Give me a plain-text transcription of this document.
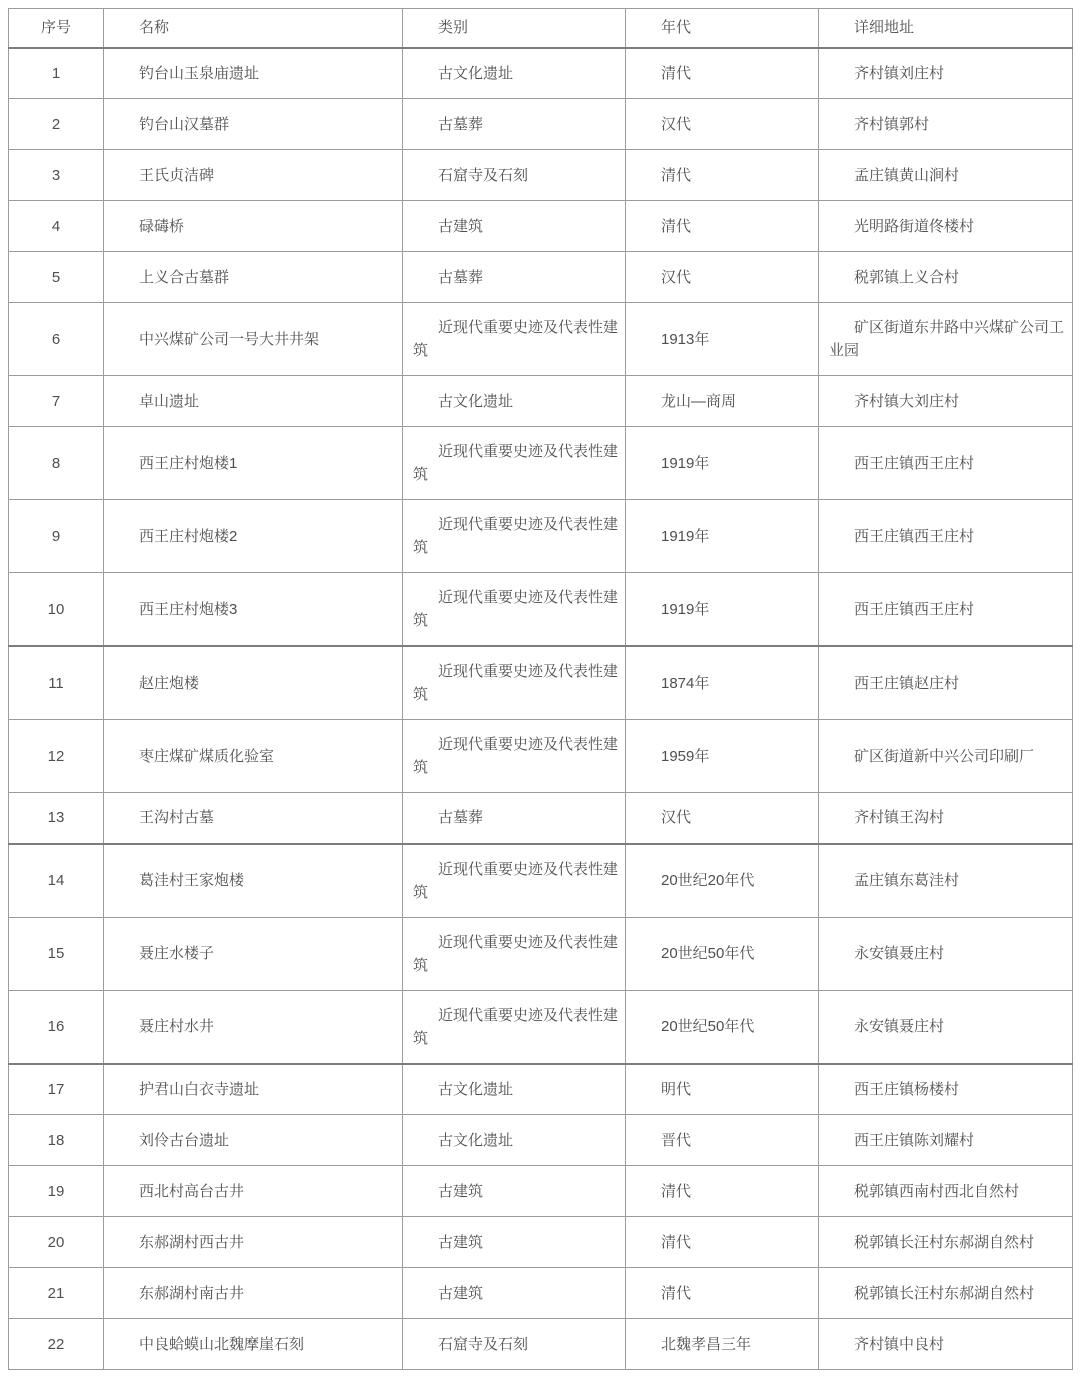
序号	名称	类别	年代	详细地址
1	钓台山玉泉庙遗址	古文化遗址	清代	齐村镇刘庄村
2	钓台山汉墓群	古墓葬	汉代	齐村镇郭村
3	王氏贞洁碑	石窟寺及石刻	清代	孟庄镇黄山涧村
4	碌碡桥	古建筑	清代	光明路街道佟楼村
5	上义合古墓群	古墓葬	汉代	税郭镇上义合村
6	中兴煤矿公司一号大井井架	近现代重要史迹及代表性建筑	1913年	矿区街道东井路中兴煤矿公司工业园
7	卓山遗址	古文化遗址	龙山—商周	齐村镇大刘庄村
8	西王庄村炮楼1	近现代重要史迹及代表性建筑	1919年	西王庄镇西王庄村
9	西王庄村炮楼2	近现代重要史迹及代表性建筑	1919年	西王庄镇西王庄村
10	西王庄村炮楼3	近现代重要史迹及代表性建筑	1919年	西王庄镇西王庄村
11	赵庄炮楼	近现代重要史迹及代表性建筑	1874年	西王庄镇赵庄村
12	枣庄煤矿煤质化验室	近现代重要史迹及代表性建筑	1959年	矿区街道新中兴公司印刷厂
13	王沟村古墓	古墓葬	汉代	齐村镇王沟村
14	葛洼村王家炮楼	近现代重要史迹及代表性建筑	20世纪20年代	孟庄镇东葛洼村
15	聂庄水楼子	近现代重要史迹及代表性建筑	20世纪50年代	永安镇聂庄村
16	聂庄村水井	近现代重要史迹及代表性建筑	20世纪50年代	永安镇聂庄村
17	护君山白衣寺遗址	古文化遗址	明代	西王庄镇杨楼村
18	刘伶古台遗址	古文化遗址	晋代	西王庄镇陈刘耀村
19	西北村高台古井	古建筑	清代	税郭镇西南村西北自然村
20	东郝湖村西古井	古建筑	清代	税郭镇长汪村东郝湖自然村
21	东郝湖村南古井	古建筑	清代	税郭镇长汪村东郝湖自然村
22	中良蛤蟆山北魏摩崖石刻	石窟寺及石刻	北魏孝昌三年	齐村镇中良村
